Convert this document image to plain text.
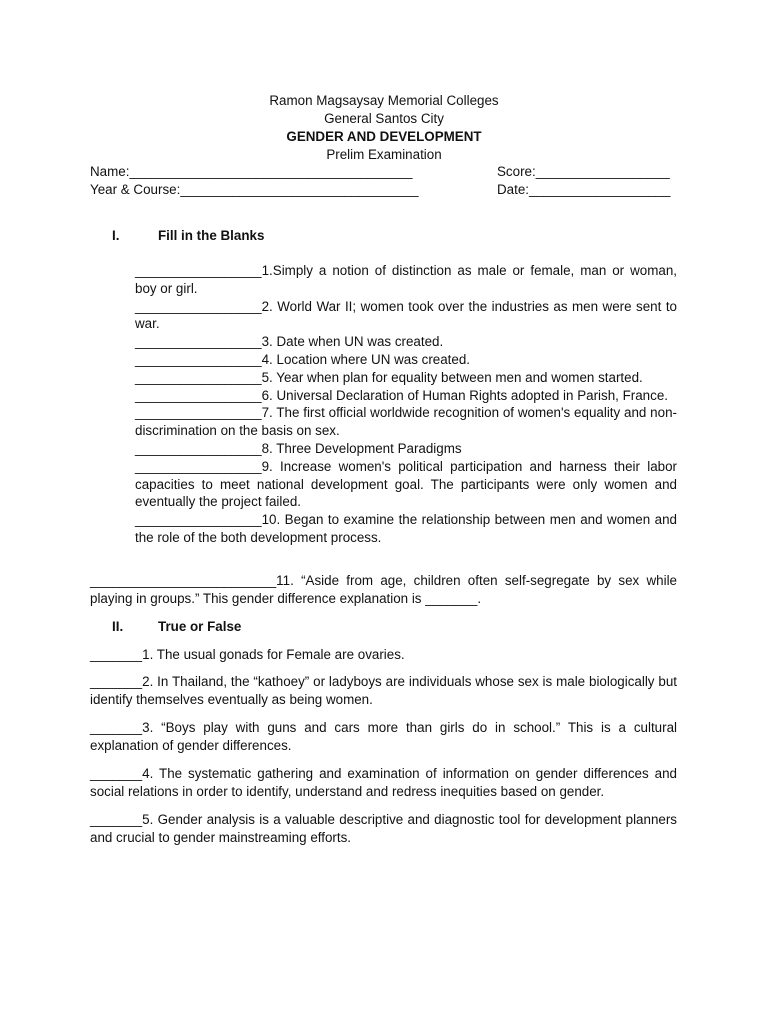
Ramon Magsaysay Memorial Colleges
General Santos City
GENDER AND DEVELOPMENT
Prelim Examination
Name:______________________________________	Score:__________________
Year & Course:________________________________	Date:___________________
I.	Fill in the Blanks

_________________1.Simply a notion of distinction as male or female, man or woman, boy or girl.

_________________2. World War II; women took over the industries as men were sent to war.

_________________3. Date when UN was created.

_________________4. Location where UN was created.

_________________5. Year when plan for equality between men and women started.

_________________6. Universal Declaration of Human Rights adopted in Parish, France.

_________________7. The first official worldwide recognition of women's equality and non-discrimination on the basis on sex.

_________________8. Three Development Paradigms

_________________9. Increase women's political participation and harness their labor capacities to meet national development goal. The participants were only women and eventually the project failed.

_________________10. Began to examine the relationship between men and women and the role of the both development process.

_________________________11. “Aside from age, children often self-segregate by sex while playing in groups.” This gender difference explanation is _______.

II.	True or False

_______1. The usual gonads for Female are ovaries.

_______2. In Thailand, the “kathoey” or ladyboys are individuals whose sex is male biologically but identify themselves eventually as being women.

_______3. “Boys play with guns and cars more than girls do in school.” This is a cultural explanation of gender differences.

_______4. The systematic gathering and examination of information on gender differences and social relations in order to identify, understand and redress inequities based on gender.

_______5. Gender analysis is a valuable descriptive and diagnostic tool for development planners and crucial to gender mainstreaming efforts.
